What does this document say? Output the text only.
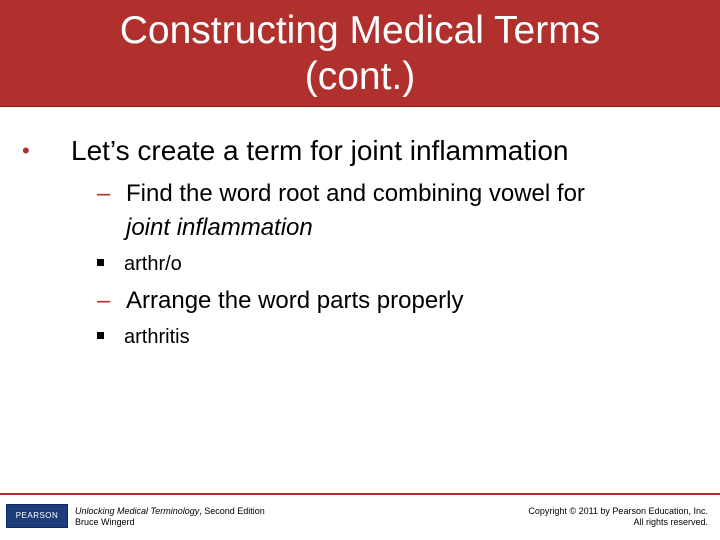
Constructing Medical Terms
(cont.)
• Let’s create a term for joint inflammation
– Find the word root and combining vowel for
joint inflammation
arthr/o
– Arrange the word parts properly
arthritis
PEARSON	Unlocking Medical Terminology, Second Edition
Bruce Wingerd
Copyright © 2011 by Pearson Education, Inc.
All rights reserved.
